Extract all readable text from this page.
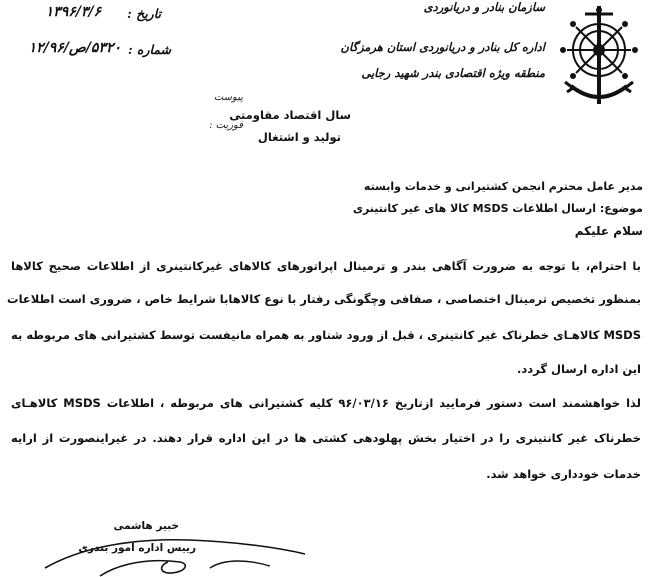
سازمان بنادر و دریانوردی
اداره کل بنادر و دریانوردی استان هرمزگان
منطقه ویژه اقتصادی بندر شهید رجایی
تاریخ :
۱۳۹۶/۳/۶
شماره :
۵۳۲۰/ص/۱۲/۹۶
پیوست
فوریت :
سال اقتصاد مقاومتی
تولید و اشتغال
مدیر عامل محترم انجمن کشتیرانی و خدمات وابسته
موضوع: ارسال اطلاعات MSDS کالا های غیر کانتینری
سلام علیکم
با احترام، با توجه به ضرورت آگاهی بندر و ترمینال اپراتورهای کالاهای غیرکانتینری از اطلاعات صحیح کالاها
بمنظور تخصیص ترمینال اختصاصی ، صفافی وچگونگی رفتار با نوع کالاهابا شرایط خاص ، ضروری است اطلاعات
MSDS کالاهـای خطرناک غیر کانتینری ، قبل از ورود شناور به همراه مانیفست توسط کشتیرانی های مربوطه به
این اداره ارسال گردد.
لذا خواهشمند است دستور فرمایید ازتاریخ ۹۶/۰۳/۱۶ کلیه کشتیرانی های مربوطه ، اطلاعات MSDS کالاهـای
خطرناک غیر کانتینری را در اختیار بخش پهلودهی کشتی ها در این اداره قرار دهند. در غیراینصورت از ارایه
خدمات خودداری خواهد شد.
خبیر هاشمی
رییس اداره امور بندری
